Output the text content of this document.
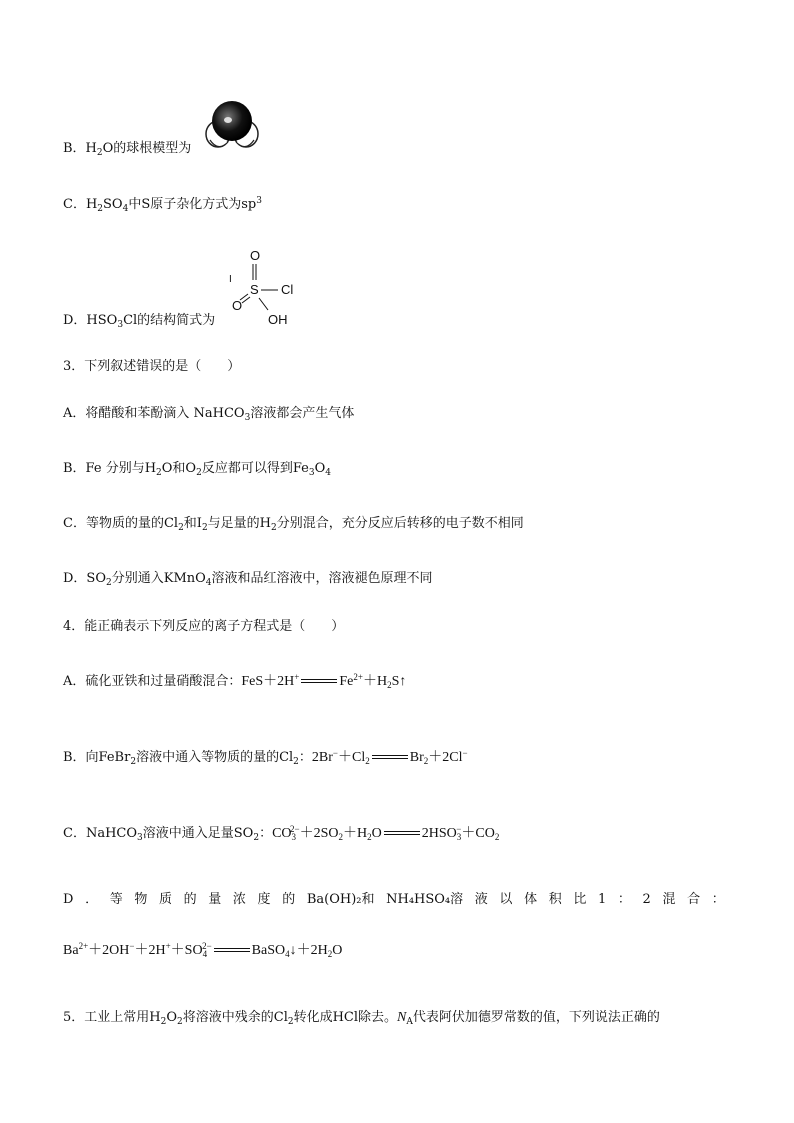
B．$H_2O$的球根模型为
C．$H_2SO_4$中S原子杂化方式为$sp^3$
D．$HSO_3Cl$的结构简式为
O
I
S Cl
O
OH
3．下列叙述错误的是（　　）
A．将醋酸和苯酚滴入 NaHCO$_3$溶液都会产生气体
B．Fe 分别与$H_2O$和$O_2$反应都可以得到$Fe_3O_4$
C．等物质的量的$Cl_2$和$I_2$与足量的$H_2$分别混合，充分反应后转移的电子数不相同
D．$SO_2$分别通入KMnO$_4$溶液和品红溶液中，溶液褪色原理不同
4．能正确表示下列反应的离子方程式是（　　）
A．硫化亚铁和过量硝酸混合：FeS＋2H+	$Fe^{2+}+H_2S↑$
B．向FeBr$_2$溶液中通入等物质的量的$Cl_2$：$2Br^-+Cl_2$	$Br_2+2Cl^-$
C．NaHCO$_3$溶液中通入足量$SO_2$：$CO_3^{2-}+2SO_2+H_2O$	$2HSO_3^-+CO_2$
D ． 等 物 质 的 量 浓 度 的 Ba(OH)₂和 NH₄HSO₄溶 液 以 体 积 比 1 ： 2 混 合 ：
$Ba^{2+}+2OH^-+2H^++SO_4^{2-}$	$BaSO_4↓+2H_2O$
5．工业上常用$H_2O_2$将溶液中残余的$Cl_2$转化成HCl除去。$N_A$代表阿伏加德罗常数的值，下列说法正确的
